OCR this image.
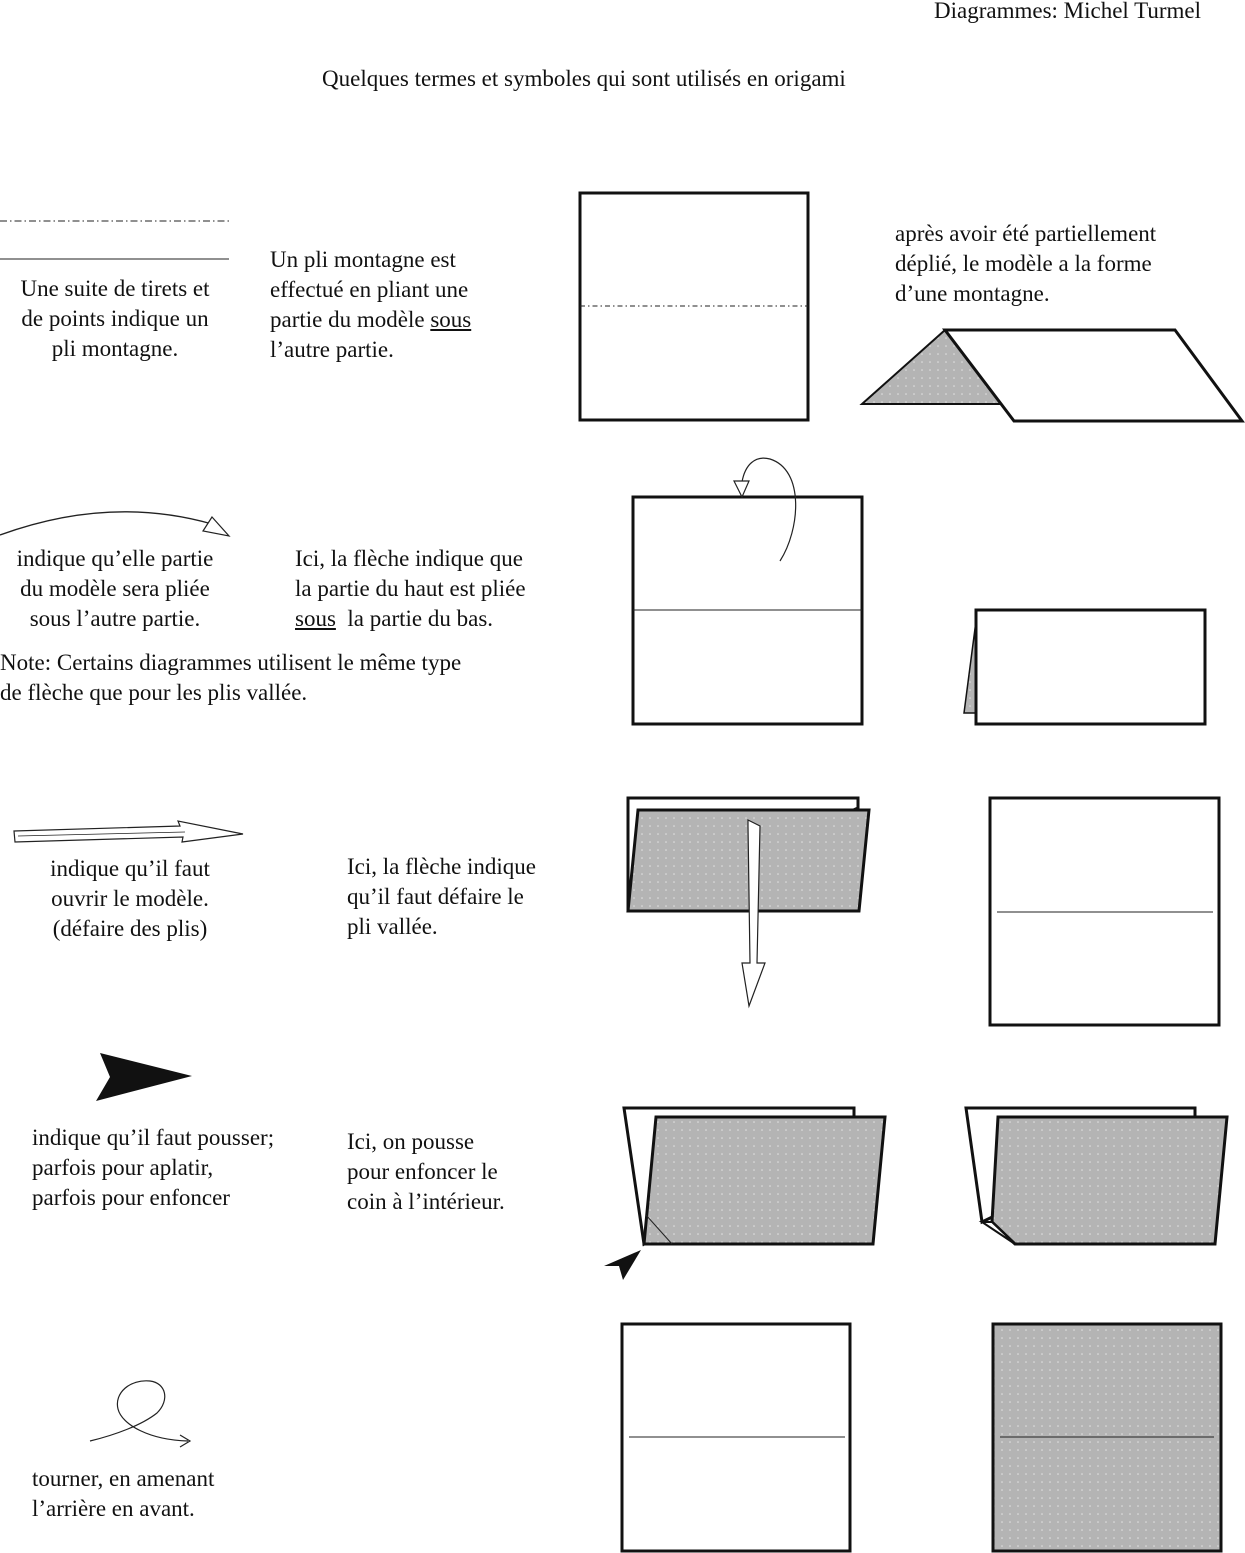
Diagrammes: Michel Turmel
Quelques termes et symboles qui sont utilisés en origami
Une suite de tirets et
de points indique un
pli montagne.
Un pli montagne est
effectué en pliant une
partie du modèle sous
l’autre partie.
après avoir été partiellement
déplié, le modèle a la forme
d’une montagne.
indique qu’elle partie
du modèle sera pliée
sous l’autre partie.
Ici, la flèche indique que
la partie du haut est pliée
sous  la partie du bas.
Note: Certains diagrammes utilisent le même type
de flèche que pour les plis vallée.
indique qu’il faut
ouvrir le modèle.
(défaire des plis)
Ici, la flèche indique
qu’il faut défaire le
pli vallée.
indique qu’il faut pousser;
parfois pour aplatir,
parfois pour enfoncer
Ici, on pousse
pour enfoncer le
coin à l’intérieur.
tourner, en amenant
l’arrière en avant.
